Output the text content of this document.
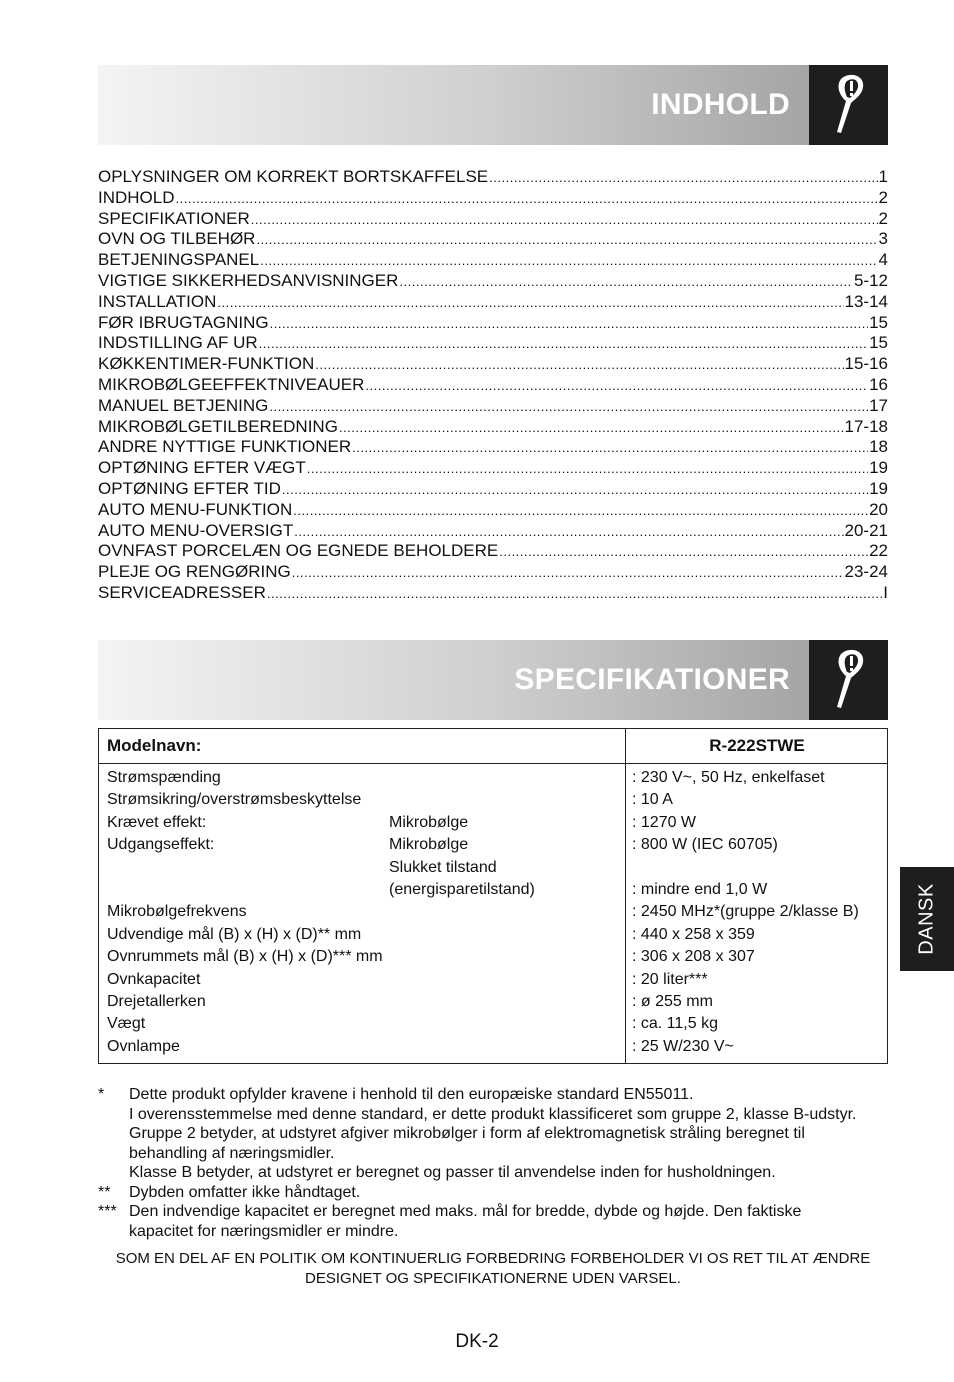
INDHOLD
OPLYSNINGER OM KORREKT BORTSKAFFELSE .....	1
INDHOLD .....	2
SPECIFIKATIONER .....	2
OVN OG TILBEHØR .....	3
BETJENINGSPANEL .....	4
VIGTIGE SIKKERHEDSANVISNINGER .....	5-12
INSTALLATION .....	13-14
FØR IBRUGTAGNING .....	15
INDSTILLING AF UR .....	15
KØKKENTIMER-FUNKTION .....	15-16
MIKROBØLGEEFFEKTNIVEAUER .....	16
MANUEL BETJENING .....	17
MIKROBØLGETILBEREDNING .....	17-18
ANDRE NYTTIGE FUNKTIONER .....	18
OPTØNING EFTER VÆGT .....	19
OPTØNING EFTER TID .....	19
AUTO MENU-FUNKTION .....	20
AUTO MENU-OVERSIGT .....	20-21
OVNFAST PORCELÆN OG EGNEDE BEHOLDERE .....	22
PLEJE OG RENGØRING .....	23-24
SERVICEADRESSER .....	I
SPECIFIKATIONER
Modelnavn:	R-222STWE
Strømspænding	: 230 V~, 50 Hz, enkelfaset
Strømsikring/overstrømsbeskyttelse	: 10 A
Krævet effekt:	Mikrobølge	: 1270 W
Udgangseffekt:	Mikrobølge	: 800 W (IEC 60705)
Slukket tilstand
(energisparetilstand)	: mindre end 1,0 W
Mikrobølgefrekvens	: 2450 MHz*(gruppe 2/klasse B)
Udvendige mål (B) x (H) x (D)** mm	: 440 x 258 x 359
Ovnrummets mål (B) x (H) x (D)*** mm	: 306 x 208 x 307
Ovnkapacitet	: 20 liter***
Drejetallerken	: ø 255 mm
Vægt	: ca. 11,5 kg
Ovnlampe	: 25 W/230 V~
* Dette produkt opfylder kravene i henhold til den europæiske standard EN55011.
I overensstemmelse med denne standard, er dette produkt klassificeret som gruppe 2, klasse B-udstyr.
Gruppe 2 betyder, at udstyret afgiver mikrobølger i form af elektromagnetisk stråling beregnet til
behandling af næringsmidler.
Klasse B betyder, at udstyret er beregnet og passer til anvendelse inden for husholdningen.
** Dybden omfatter ikke håndtaget.
*** Den indvendige kapacitet er beregnet med maks. mål for bredde, dybde og højde. Den faktiske
kapacitet for næringsmidler er mindre.
SOM EN DEL AF EN POLITIK OM KONTINUERLIG FORBEDRING FORBEHOLDER VI OS RET TIL AT ÆNDRE
DESIGNET OG SPECIFIKATIONERNE UDEN VARSEL.
DK-2
DANSK
